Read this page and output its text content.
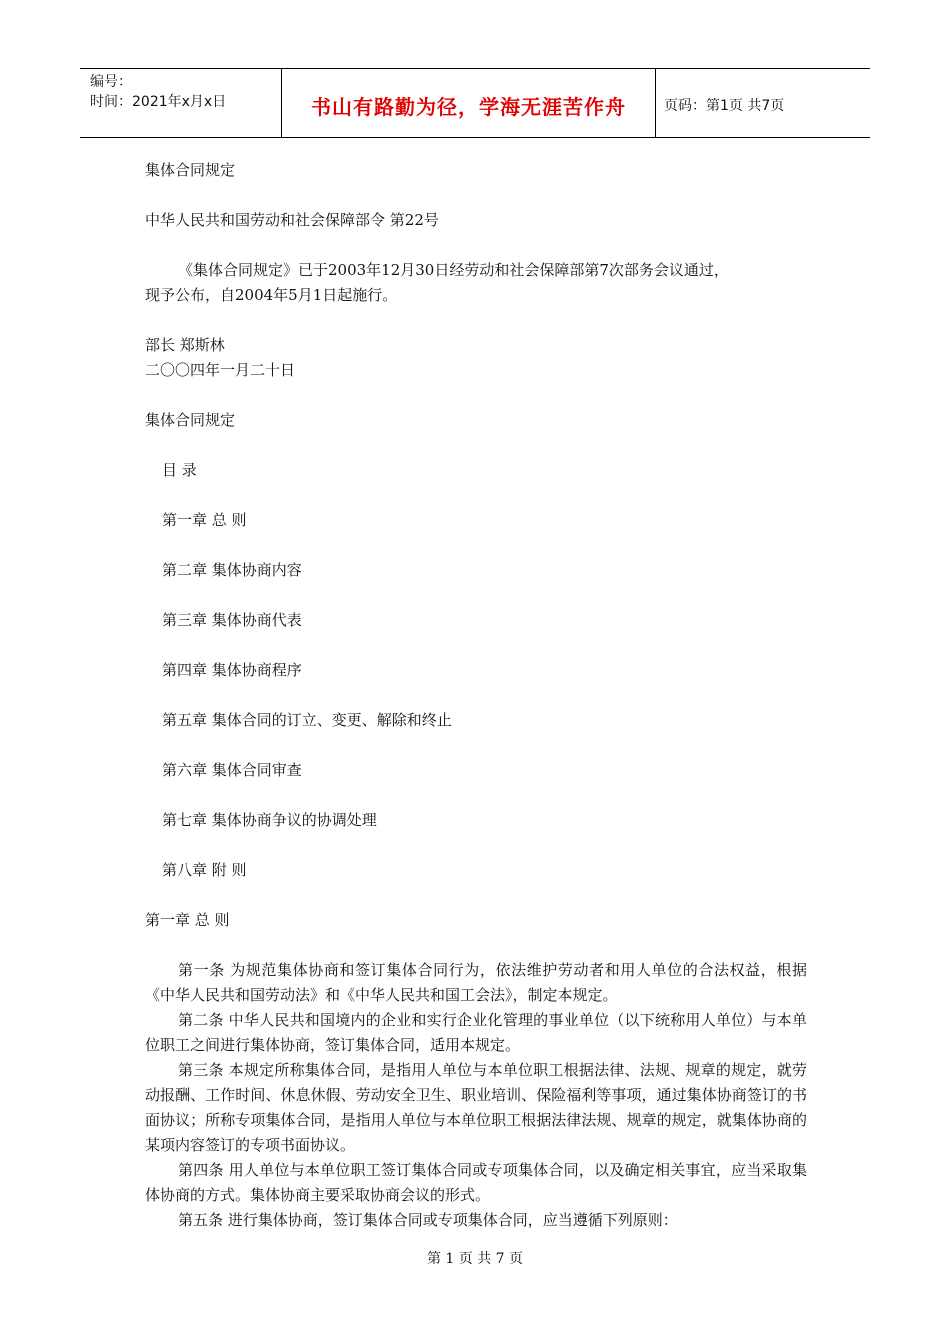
编号：
时间：2021年x月x日	书山有路勤为径，学海无涯苦作舟	页码：第1页 共7页
集体合同规定
中华人民共和国劳动和社会保障部令 第22号
《集体合同规定》已于2003年12月30日经劳动和社会保障部第7次部务会议通过，
现予公布，自2004年5月1日起施行。
部长 郑斯林
二〇〇四年一月二十日
集体合同规定
目 录
第一章 总 则
第二章 集体协商内容
第三章 集体协商代表
第四章 集体协商程序
第五章 集体合同的订立、变更、解除和终止
第六章 集体合同审查
第七章 集体协商争议的协调处理
第八章 附 则
第一章 总 则
第一条 为规范集体协商和签订集体合同行为，依法维护劳动者和用人单位的合法权益，根据《中华人民共和国劳动法》和《中华人民共和国工会法》，制定本规定。
第二条 中华人民共和国境内的企业和实行企业化管理的事业单位（以下统称用人单位）与本单位职工之间进行集体协商，签订集体合同，适用本规定。
第三条 本规定所称集体合同，是指用人单位与本单位职工根据法律、法规、规章的规定，就劳动报酬、工作时间、休息休假、劳动安全卫生、职业培训、保险福利等事项，通过集体协商签订的书面协议；所称专项集体合同，是指用人单位与本单位职工根据法律法规、规章的规定，就集体协商的某项内容签订的专项书面协议。
第四条 用人单位与本单位职工签订集体合同或专项集体合同，以及确定相关事宜，应当采取集体协商的方式。集体协商主要采取协商会议的形式。
第五条 进行集体协商，签订集体合同或专项集体合同，应当遵循下列原则：
第 1 页 共 7 页
